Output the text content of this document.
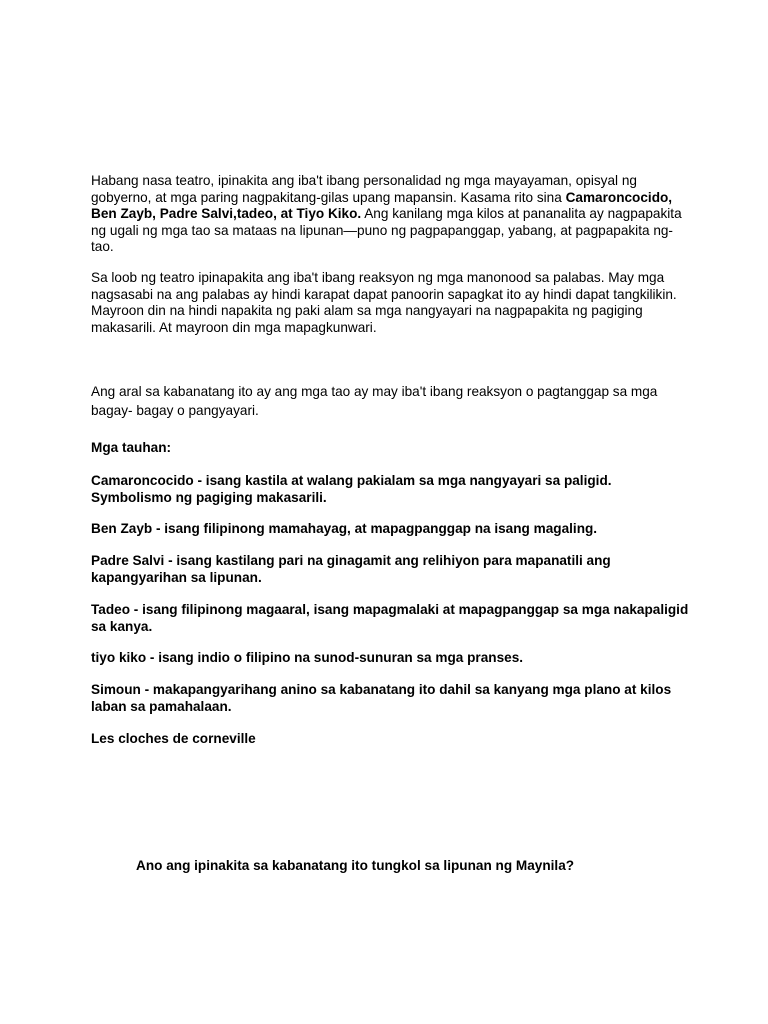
Habang nasa teatro, ipinakita ang iba't ibang personalidad ng mga mayayaman, opisyal ng gobyerno, at mga paring nagpakitang-gilas upang mapansin. Kasama rito sina Camaroncocido, Ben Zayb, Padre Salvi,tadeo, at Tiyo Kiko. Ang kanilang mga kilos at pananalita ay nagpapakita ng ugali ng mga tao sa mataas na lipunan—puno ng pagpapanggap, yabang, at pagpapakita ng-tao.

Sa loob ng teatro ipinapakita ang iba't ibang reaksyon ng mga manonood sa palabas. May mga nagsasabi na ang palabas ay hindi karapat dapat panoorin sapagkat ito ay hindi dapat tangkilikin. Mayroon din na hindi napakita ng paki alam sa mga nangyayari na nagpapakita ng pagiging makasarili. At mayroon din mga mapagkunwari.

Ang aral sa kabanatang ito ay ang mga tao ay may iba't ibang reaksyon o pagtanggap sa mga bagay- bagay o pangyayari.

Mga tauhan:

Camaroncocido - isang kastila at walang pakialam sa mga nangyayari sa paligid. Symbolismo ng pagiging makasarili.

Ben Zayb - isang filipinong mamahayag, at mapagpanggap na isang magaling.

Padre Salvi - isang kastilang pari na ginagamit ang relihiyon para mapanatili ang kapangyarihan sa lipunan.

Tadeo - isang filipinong magaaral, isang mapagmalaki at mapagpanggap sa mga nakapaligid sa kanya.

tiyo kiko - isang indio o filipino na sunod-sunuran sa mga pranses.

Simoun - makapangyarihang anino sa kabanatang ito dahil sa kanyang mga plano at kilos laban sa pamahalaan.

Les cloches de corneville

Ano ang ipinakita sa kabanatang ito tungkol sa lipunan ng Maynila?
